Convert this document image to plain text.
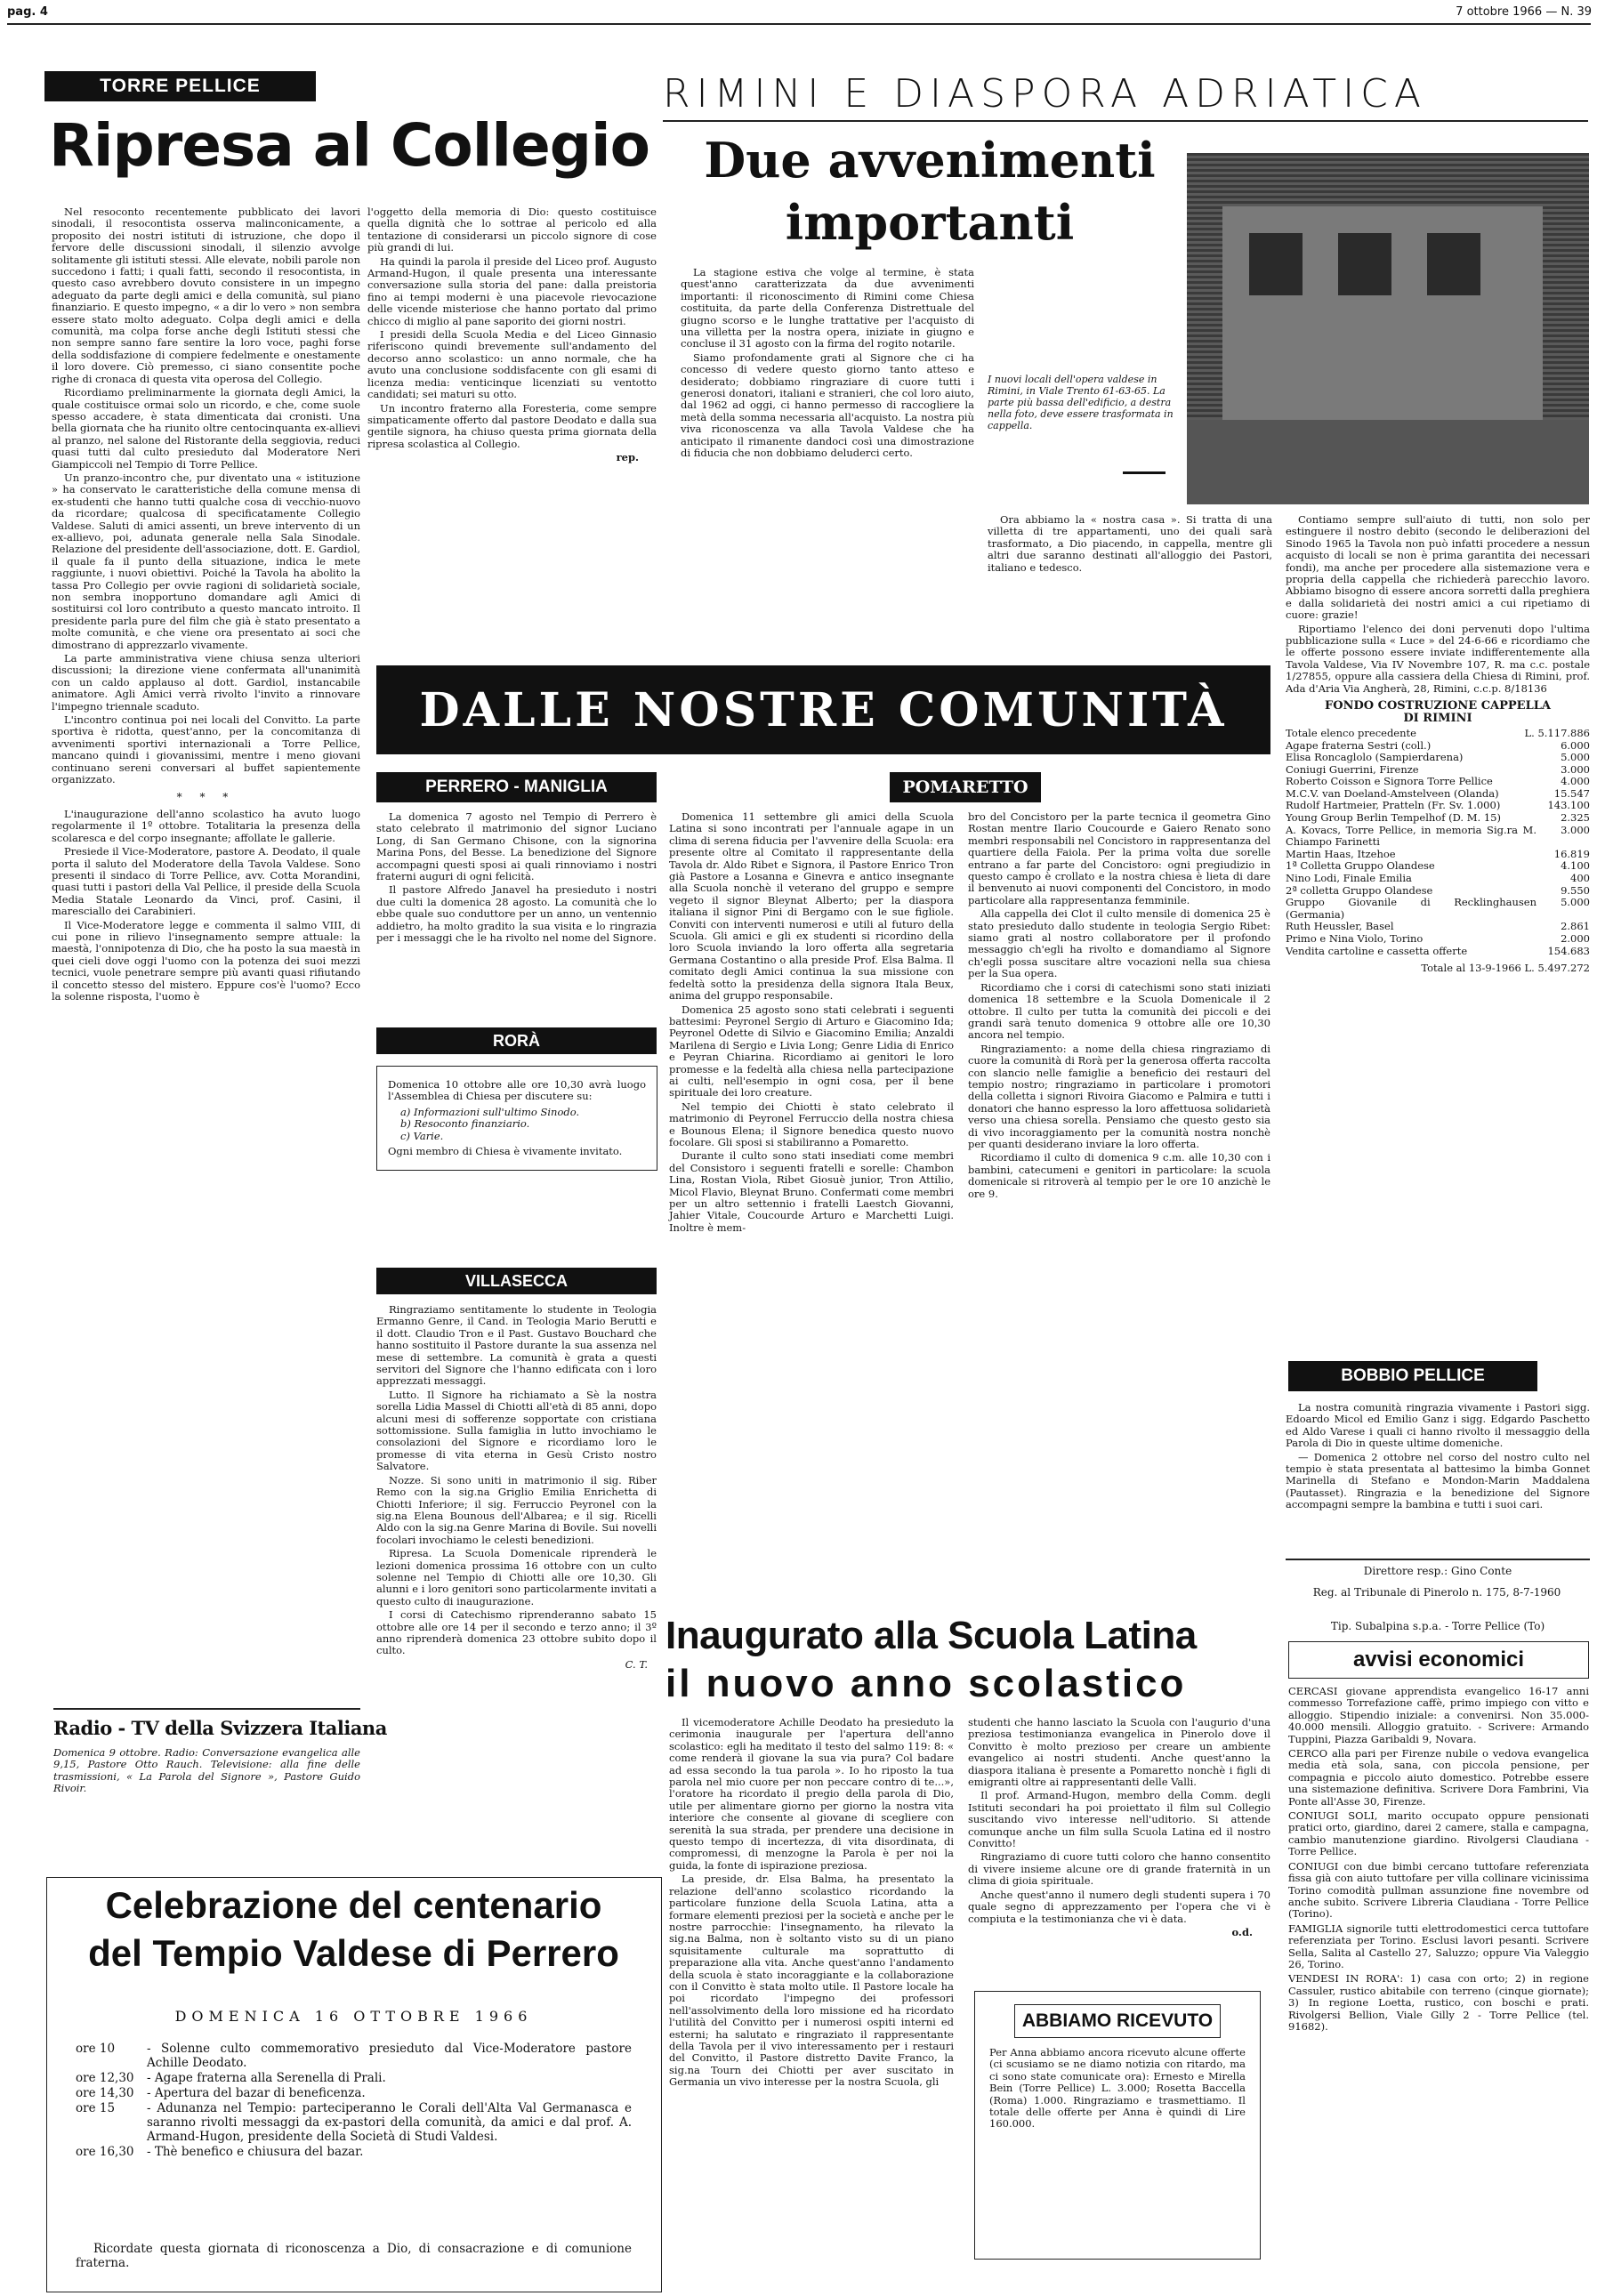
pag. 4	7 ottobre 1966 — N. 39
TORRE PELLICE
Ripresa al Collegio

Nel resoconto recentemente pubblicato dei lavori sinodali, il resocontista osserva malinconicamente, a proposito dei nostri istituti di istruzione, che dopo il fervore delle discussioni sinodali, il silenzio avvolge solitamente gli istituti stessi. Alle elevate, nobili parole non succedono i fatti; i quali fatti, secondo il resocontista, in questo caso avrebbero dovuto consistere in un impegno adeguato da parte degli amici e della comunità, sul piano finanziario. E questo impegno, « a dir lo vero » non sembra essere stato molto adeguato. Colpa degli amici e della comunità, ma colpa forse anche degli Istituti stessi che non sempre sanno fare sentire la loro voce, paghi forse della soddisfazione di compiere fedelmente e onestamente il loro dovere. Ciò premesso, ci siano consentite poche righe di cronaca di questa vita operosa del Collegio.

Ricordiamo preliminarmente la giornata degli Amici, la quale costituisce ormai solo un ricordo, e che, come suole spesso accadere, è stata dimenticata dai cronisti. Una bella giornata che ha riunito oltre centocinquanta ex-allievi al pranzo, nel salone del Ristorante della seggiovia, reduci quasi tutti dal culto presieduto dal Moderatore Neri Giampiccoli nel Tempio di Torre Pellice.

Un pranzo-incontro che, pur diventato una « istituzione » ha conservato le caratteristiche della comune mensa di ex-studenti che hanno tutti qualche cosa di vecchio-nuovo da ricordare; qualcosa di specificatamente Collegio Valdese. Saluti di amici assenti, un breve intervento di un ex-allievo, poi, adunata generale nella Sala Sinodale. Relazione del presidente dell'associazione, dott. E. Gardiol, il quale fa il punto della situazione, indica le mete raggiunte, i nuovi obiettivi. Poiché la Tavola ha abolito la tassa Pro Collegio per ovvie ragioni di solidarietà sociale, non sembra inopportuno domandare agli Amici di sostituirsi col loro contributo a questo mancato introito. Il presidente parla pure del film che già è stato presentato a molte comunità, e che viene ora presentato ai soci che dimostrano di apprezzarlo vivamente.

La parte amministrativa viene chiusa senza ulteriori discussioni; la direzione viene confermata all'unanimità con un caldo applauso al dott. Gardiol, instancabile animatore. Agli Amici verrà rivolto l'invito a rinnovare l'impegno triennale scaduto.

L'incontro continua poi nei locali del Convitto. La parte sportiva è ridotta, quest'anno, per la concomitanza di avvenimenti sportivi internazionali a Torre Pellice, mancano quindi i giovanissimi, mentre i meno giovani continuano sereni conversari al buffet sapientemente organizzato.

* * *

L'inaugurazione dell'anno scolastico ha avuto luogo regolarmente il 1º ottobre. Totalitaria la presenza della scolaresca e del corpo insegnante; affollate le gallerie.

Presiede il Vice-Moderatore, pastore A. Deodato, il quale porta il saluto del Moderatore della Tavola Valdese. Sono presenti il sindaco di Torre Pellice, avv. Cotta Morandini, quasi tutti i pastori della Val Pellice, il preside della Scuola Media Statale Leonardo da Vinci, prof. Casini, il maresciallo dei Carabinieri.

Il Vice-Moderatore legge e commenta il salmo VIII, di cui pone in rilievo l'insegnamento sempre attuale: la maestà, l'onnipotenza di Dio, che ha posto la sua maestà in quei cieli dove oggi l'uomo con la potenza dei suoi mezzi tecnici, vuole penetrare sempre più avanti quasi rifiutando il concetto stesso del mistero. Eppure cos'è l'uomo? Ecco la solenne risposta, l'uomo è

l'oggetto della memoria di Dio: questo costituisce quella dignità che lo sottrae al pericolo ed alla tentazione di considerarsi un piccolo signore di cose più grandi di lui.

Ha quindi la parola il preside del Liceo prof. Augusto Armand-Hugon, il quale presenta una interessante conversazione sulla storia del pane: dalla preistoria fino ai tempi moderni è una piacevole rievocazione delle vicende misteriose che hanno portato dal primo chicco di miglio al pane saporito dei giorni nostri.

I presidi della Scuola Media e del Liceo Ginnasio riferiscono quindi brevemente sull'andamento del decorso anno scolastico: un anno normale, che ha avuto una conclusione soddisfacente con gli esami di licenza media: venticinque licenziati su ventotto candidati; sei maturi su otto.

Un incontro fraterno alla Foresteria, come sempre simpaticamente offerto dal pastore Deodato e dalla sua gentile signora, ha chiuso questa prima giornata della ripresa scolastica al Collegio.

rep.
RIMINI E DIASPORA ADRIATICA
Due avvenimenti
importanti

La stagione estiva che volge al termine, è stata quest'anno caratterizzata da due avvenimenti importanti: il riconoscimento di Rimini come Chiesa costituita, da parte della Conferenza Distrettuale del giugno scorso e le lunghe trattative per l'acquisto di una villetta per la nostra opera, iniziate in giugno e concluse il 31 agosto con la firma del rogito notarile.

Siamo profondamente grati al Signore che ci ha concesso di vedere questo giorno tanto atteso e desiderato; dobbiamo ringraziare di cuore tutti i generosi donatori, italiani e stranieri, che col loro aiuto, dal 1962 ad oggi, ci hanno permesso di raccogliere la metà della somma necessaria all'acquisto. La nostra più viva riconoscenza va alla Tavola Valdese che ha anticipato il rimanente dandoci così una dimostrazione di fiducia che non dobbiamo deluderci certo.

I nuovi locali dell'opera valdese in Rimini, in Viale Trento 61-63-65. La parte più bassa dell'edificio, a destra nella foto, deve essere trasformata in cappella.

Ora abbiamo la « nostra casa ». Si tratta di una villetta di tre appartamenti, uno dei quali sarà trasformato, a Dio piacendo, in cappella, mentre gli altri due saranno destinati all'alloggio dei Pastori, italiano e tedesco.

Contiamo sempre sull'aiuto di tutti, non solo per estinguere il nostro debito (secondo le deliberazioni del Sinodo 1965 la Tavola non può infatti procedere a nessun acquisto di locali se non è prima garantita dei necessari fondi), ma anche per procedere alla sistemazione vera e propria della cappella che richiederà parecchio lavoro. Abbiamo bisogno di essere ancora sorretti dalla preghiera e dalla solidarietà dei nostri amici a cui ripetiamo di cuore: grazie!

Riportiamo l'elenco dei doni pervenuti dopo l'ultima pubblicazione sulla « Luce » del 24-6-66 e ricordiamo che le offerte possono essere inviate indifferentemente alla Tavola Valdese, Via IV Novembre 107, R. ma c.c. postale 1/27855, oppure alla cassiera della Chiesa di Rimini, prof. Ada d'Aria Via Angherà, 28, Rimini, c.c.p. 8/18136

FONDO COSTRUZIONE CAPPELLA
DI RIMINI
Totale elenco precedente	L. 5.117.886
Agape fraterna Sestri (coll.)	6.000
Elisa Roncaglolo (Sampierdarena)	5.000
Coniugi Guerrini, Firenze	3.000
Roberto Coisson e Signora Torre Pellice	4.000
M.C.V. van Doeland-Amstelveen (Olanda)	15.547
Rudolf Hartmeier, Pratteln (Fr. Sv. 1.000)	143.100
Young Group Berlin Tempelhof (D. M. 15)	2.325
A. Kovacs, Torre Pellice, in memoria Sig.ra M. Chiampo Farinetti
3.000
Martin Haas, Itzehoe	16.819
1ª Colletta Gruppo Olandese	4.100
Nino Lodi, Finale Emilia	400
2ª colletta Gruppo Olandese	9.550
Gruppo Giovanile di Recklinghausen (Germania)
5.000
Ruth Heussler, Basel	2.861
Primo e Nina Violo, Torino	2.000
Vendita cartoline e cassetta offerte	154.683
Totale al 13-9-1966 L. 5.497.272
DALLE NOSTRE COMUNITÀ
PERRERO - MANIGLIA

La domenica 7 agosto nel Tempio di Perrero è stato celebrato il matrimonio del signor Luciano Long, di San Germano Chisone, con la signorina Marina Pons, del Besse. La benedizione del Signore accompagni questi sposi ai quali rinnoviamo i nostri fraterni auguri di ogni felicità.

Il pastore Alfredo Janavel ha presieduto i nostri due culti la domenica 28 agosto. La comunità che lo ebbe quale suo conduttore per un anno, un ventennio addietro, ha molto gradito la sua visita e lo ringrazia per i messaggi che le ha rivolto nel nome del Signore.

RORÀ

Domenica 10 ottobre alle ore 10,30 avrà luogo l'Assemblea di Chiesa per discutere su:

a) Informazioni sull'ultimo Sinodo.

b) Resoconto finanziario.

c) Varie.

Ogni membro di Chiesa è vivamente invitato.

VILLASECCA

Ringraziamo sentitamente lo studente in Teologia Ermanno Genre, il Cand. in Teologia Mario Berutti e il dott. Claudio Tron e il Past. Gustavo Bouchard che hanno sostituito il Pastore durante la sua assenza nel mese di settembre. La comunità è grata a questi servitori del Signore che l'hanno edificata con i loro apprezzati messaggi.

Lutto. Il Signore ha richiamato a Sè la nostra sorella Lidia Massel di Chiotti all'età di 85 anni, dopo alcuni mesi di sofferenze sopportate con cristiana sottomissione. Sulla famiglia in lutto invochiamo le consolazioni del Signore e ricordiamo loro le promesse di vita eterna in Gesù Cristo nostro Salvatore.

Nozze. Si sono uniti in matrimonio il sig. Riber Remo con la sig.na Griglio Emilia Enrichetta di Chiotti Inferiore; il sig. Ferruccio Peyronel con la sig.na Elena Bounous dell'Albarea; e il sig. Ricelli Aldo con la sig.na Genre Marina di Bovile. Sui novelli focolari invochiamo le celesti benedizioni.

Ripresa. La Scuola Domenicale riprenderà le lezioni domenica prossima 16 ottobre con un culto solenne nel Tempio di Chiotti alle ore 10,30. Gli alunni e i loro genitori sono particolarmente invitati a questo culto di inaugurazione.

I corsi di Catechismo riprenderanno sabato 15 ottobre alle ore 14 per il secondo e terzo anno; il 3º anno riprenderà domenica 23 ottobre subito dopo il culto.

C. T.
POMARETTO

Domenica 11 settembre gli amici della Scuola Latina si sono incontrati per l'annuale agape in un clima di serena fiducia per l'avvenire della Scuola: era presente oltre al Comitato il rappresentante della Tavola dr. Aldo Ribet e Signora, il Pastore Enrico Tron già Pastore a Losanna e Ginevra e antico insegnante alla Scuola nonchè il veterano del gruppo e sempre vegeto il signor Bleynat Alberto; per la diaspora italiana il signor Pini di Bergamo con le sue figliole. Conviti con interventi numerosi e utili al futuro della Scuola. Gli amici e gli ex studenti si ricordino della loro Scuola inviando la loro offerta alla segretaria Germana Costantino o alla preside Prof. Elsa Balma. Il comitato degli Amici continua la sua missione con fedeltà sotto la presidenza della signora Itala Beux, anima del gruppo responsabile.

Domenica 25 agosto sono stati celebrati i seguenti battesimi: Peyronel Sergio di Arturo e Giacomino Ida; Peyronel Odette di Silvio e Giacomino Emilia; Anzaldi Marilena di Sergio e Livia Long; Genre Lidia di Enrico e Peyran Chiarina. Ricordiamo ai genitori le loro promesse e la fedeltà alla chiesa nella partecipazione ai culti, nell'esempio in ogni cosa, per il bene spirituale dei loro creature.

Nel tempio dei Chiotti è stato celebrato il matrimonio di Peyronel Ferruccio della nostra chiesa e Bounous Elena; il Signore benedica questo nuovo focolare. Gli sposi si stabiliranno a Pomaretto.

Durante il culto sono stati insediati come membri del Consistoro i seguenti fratelli e sorelle: Chambon Lina, Rostan Viola, Ribet Giosuè junior, Tron Attilio, Micol Flavio, Bleynat Bruno. Confermati come membri per un altro settennio i fratelli Laestch Giovanni, Jahier Vitale, Coucourde Arturo e Marchetti Luigi. Inoltre è mem-

bro del Concistoro per la parte tecnica il geometra Gino Rostan mentre Ilario Coucourde e Gaiero Renato sono membri responsabili nel Concistoro in rappresentanza del quartiere della Faiola. Per la prima volta due sorelle entrano a far parte del Concistoro: ogni pregiudizio in questo campo è crollato e la nostra chiesa è lieta di dare il benvenuto ai nuovi componenti del Concistoro, in modo particolare alla rappresentanza femminile.

Alla cappella dei Clot il culto mensile di domenica 25 è stato presieduto dallo studente in teologia Sergio Ribet: siamo grati al nostro collaboratore per il profondo messaggio ch'egli ha rivolto e domandiamo al Signore ch'egli possa suscitare altre vocazioni nella sua chiesa per la Sua opera.

Ricordiamo che i corsi di catechismi sono stati iniziati domenica 18 settembre e la Scuola Domenicale il 2 ottobre. Il culto per tutta la comunità dei piccoli e dei grandi sarà tenuto domenica 9 ottobre alle ore 10,30 ancora nel tempio.

Ringraziamento: a nome della chiesa ringraziamo di cuore la comunità di Rorà per la generosa offerta raccolta con slancio nelle famiglie a beneficio dei restauri del tempio nostro; ringraziamo in particolare i promotori della colletta i signori Rivoira Giacomo e Palmira e tutti i donatori che hanno espresso la loro affettuosa solidarietà verso una chiesa sorella. Pensiamo che questo gesto sia di vivo incoraggiamento per la comunità nostra nonchè per quanti desiderano inviare la loro offerta.

Ricordiamo il culto di domenica 9 c.m. alle 10,30 con i bambini, catecumeni e genitori in particolare: la scuola domenicale si ritroverà al tempio per le ore 10 anzichè le ore 9.

BOBBIO PELLICE

La nostra comunità ringrazia vivamente i Pastori sigg. Edoardo Micol ed Emilio Ganz i sigg. Edgardo Paschetto ed Aldo Varese i quali ci hanno rivolto il messaggio della Parola di Dio in queste ultime domeniche.

— Domenica 2 ottobre nel corso del nostro culto nel tempio è stata presentata al battesimo la bimba Gonnet Marinella di Stefano e Mondon-Marin Maddalena (Pautasset). Ringrazia e la benedizione del Signore accompagni sempre la bambina e tutti i suoi cari.

Direttore resp.: Gino Conte
Reg. al Tribunale di Pinerolo n. 175, 8-7-1960
Tip. Subalpina s.p.a. - Torre Pellice (To)
avvisi economici

CERCASI giovane apprendista evangelico 16-17 anni commesso Torrefazione caffè, primo impiego con vitto e alloggio. Stipendio iniziale: a convenirsi. Non 35.000-40.000 mensili. Alloggio gratuito. - Scrivere: Armando Tuppini, Piazza Garibaldi 9, Novara.

CERCO alla pari per Firenze nubile o vedova evangelica media età sola, sana, con piccola pensione, per compagnia e piccolo aiuto domestico. Potrebbe essere una sistemazione definitiva. Scrivere Dora Fambrini, Via Ponte all'Asse 30, Firenze.

CONIUGI SOLI, marito occupato oppure pensionati pratici orto, giardino, darei 2 camere, stalla e campagna, cambio manutenzione giardino. Rivolgersi Claudiana - Torre Pellice.

CONIUGI con due bimbi cercano tuttofare referenziata fissa già con aiuto tuttofare per villa collinare vicinissima Torino comodità pullman assunzione fine novembre od anche subito. Scrivere Libreria Claudiana - Torre Pellice (Torino).

FAMIGLIA signorile tutti elettrodomestici cerca tuttofare referenziata per Torino. Esclusi lavori pesanti. Scrivere Sella, Salita al Castello 27, Saluzzo; oppure Via Valeggio 26, Torino.

VENDESI IN RORA': 1) casa con orto; 2) in regione Cassuler, rustico abitabile con terreno (cinque giornate); 3) In regione Loetta, rustico, con boschi e prati. Rivolgersi Bellion, Viale Gilly 2 - Torre Pellice (tel. 91682).

Radio - TV della Svizzera Italiana
Domenica 9 ottobre. Radio: Conversazione evangelica alle 9,15, Pastore Otto Rauch. Televisione: alla fine delle trasmissioni, « La Parola del Signore », Pastore Guido Rivoir.
Inaugurato alla Scuola Latina
il nuovo anno scolastico

Il vicemoderatore Achille Deodato ha presieduto la cerimonia inaugurale per l'apertura dell'anno scolastico: egli ha meditato il testo del salmo 119: 8: « come renderà il giovane la sua via pura? Col badare ad essa secondo la tua parola ». Io ho riposto la tua parola nel mio cuore per non peccare contro di te...», l'oratore ha ricordato il pregio della parola di Dio, utile per alimentare giorno per giorno la nostra vita interiore che consente al giovane di scegliere con serenità la sua strada, per prendere una decisione in questo tempo di incertezza, di vita disordinata, di compromessi, di menzogne la Parola è per noi la guida, la fonte di ispirazione preziosa.

La preside, dr. Elsa Balma, ha presentato la relazione dell'anno scolastico ricordando la particolare funzione della Scuola Latina, atta a formare elementi preziosi per la società e anche per le nostre parrocchie: l'insegnamento, ha rilevato la sig.na Balma, non è soltanto visto su di un piano squisitamente culturale ma soprattutto di preparazione alla vita. Anche quest'anno l'andamento della scuola è stato incoraggiante e la collaborazione con il Convitto è stata molto utile. Il Pastore locale ha poi ricordato l'impegno dei professori nell'assolvimento della loro missione ed ha ricordato l'utilità del Convitto per i numerosi ospiti interni ed esterni; ha salutato e ringraziato il rappresentante della Tavola per il vivo interessamento per i restauri del Convitto, il Pastore distretto Davite Franco, la sig.na Tourn dei Chiotti per aver suscitato in Germania un vivo interesse per la nostra Scuola, gli

studenti che hanno lasciato la Scuola con l'augurio d'una preziosa testimonianza evangelica in Pinerolo dove il Convitto è molto prezioso per creare un ambiente evangelico ai nostri studenti. Anche quest'anno la diaspora italiana è presente a Pomaretto nonchè i figli di emigranti oltre ai rappresentanti delle Valli.

Il prof. Armand-Hugon, membro della Comm. degli Istituti secondari ha poi proiettato il film sul Collegio suscitando vivo interesse nell'uditorio. Si attende comunque anche un film sulla Scuola Latina ed il nostro Convitto!

Ringraziamo di cuore tutti coloro che hanno consentito di vivere insieme alcune ore di grande fraternità in un clima di gioia spirituale.

Anche quest'anno il numero degli studenti supera i 70 quale segno di apprezzamento per l'opera che vi è compiuta e la testimonianza che vi è data.

o.d.
ABBIAMO RICEVUTO
Per Anna abbiamo ancora ricevuto alcune offerte (ci scusiamo se ne diamo notizia con ritardo, ma ci sono state comunicate ora): Ernesto e Mirella Bein (Torre Pellice) L. 3.000; Rosetta Baccella (Roma) 1.000. Ringraziamo e trasmettiamo. Il totale delle offerte per Anna è quindi di Lire 160.000.
Celebrazione del centenario
del Tempio Valdese di Perrero
DOMENICA 16 OTTOBRE 1966
ore 10	- Solenne culto commemorativo presieduto dal Vice-Moderatore pastore Achille Deodato.
ore 12,30	- Agape fraterna alla Serenella di Prali.
ore 14,30	- Apertura del bazar di beneficenza.
ore 15	- Adunanza nel Tempio: parteciperanno le Corali dell'Alta Val Germanasca e saranno rivolti messaggi da ex-pastori della comunità, da amici e dal prof. A. Armand-Hugon, presidente della Società di Studi Valdesi.
ore 16,30	- Thè benefico e chiusura del bazar.
Ricordate questa giornata di riconoscenza a Dio, di consacrazione e di comunione fraterna.
